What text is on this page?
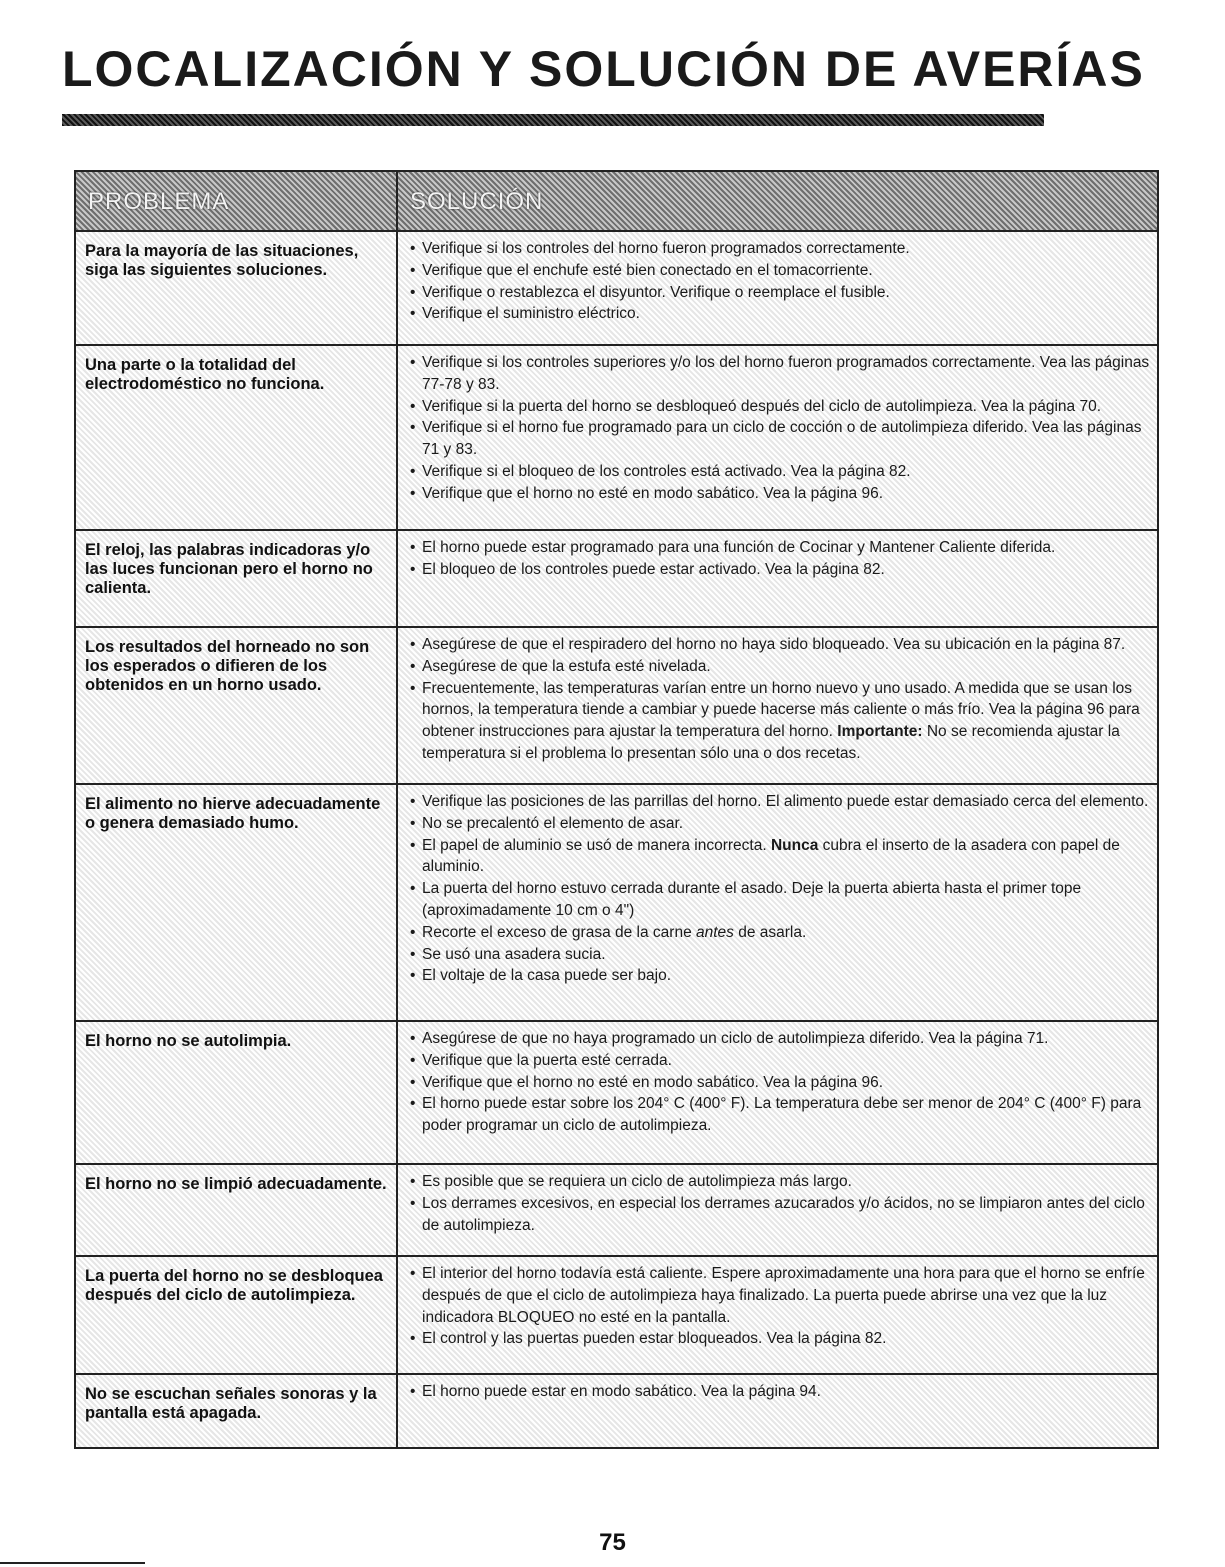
LOCALIZACIÓN Y SOLUCIÓN DE AVERÍAS
PROBLEMA	SOLUCIÓN
Para la mayoría de las situaciones, siga las siguientes soluciones.
• Verifique si los controles del horno fueron programados correctamente.
• Verifique que el enchufe esté bien conectado en el tomacorriente.
• Verifique o restablezca el disyuntor. Verifique o reemplace el fusible.
• Verifique el suministro eléctrico.
Una parte o la totalidad del electrodoméstico no funciona.
• Verifique si los controles superiores y/o los del horno fueron programados correctamente. Vea las páginas 77-78 y 83.
• Verifique si la puerta del horno se desbloqueó después del ciclo de autolimpieza. Vea la página 70.
• Verifique si el horno fue programado para un ciclo de cocción o de autolimpieza diferido. Vea las páginas 71 y 83.
• Verifique si el bloqueo de los controles está activado. Vea la página 82.
• Verifique que el horno no esté en modo sabático. Vea la página 96.
El reloj, las palabras indicadoras y/o las luces funcionan pero el horno no calienta.
• El horno puede estar programado para una función de Cocinar y Mantener Caliente diferida.
• El bloqueo de los controles puede estar activado. Vea la página 82.
Los resultados del horneado no son los esperados o difieren de los obtenidos en un horno usado.
• Asegúrese de que el respiradero del horno no haya sido bloqueado. Vea su ubicación en la página 87.
• Asegúrese de que la estufa esté nivelada.
• Frecuentemente, las temperaturas varían entre un horno nuevo y uno usado. A medida que se usan los hornos, la temperatura tiende a cambiar y puede hacerse más caliente o más frío. Vea la página 96 para obtener instrucciones para ajustar la temperatura del horno. Importante: No se recomienda ajustar la temperatura si el problema lo presentan sólo una o dos recetas.
El alimento no hierve adecuadamente o genera demasiado humo.
• Verifique las posiciones de las parrillas del horno. El alimento puede estar demasiado cerca del elemento.
• No se precalentó el elemento de asar.
• El papel de aluminio se usó de manera incorrecta. Nunca cubra el inserto de la asadera con papel de aluminio.
• La puerta del horno estuvo cerrada durante el asado. Deje la puerta abierta hasta el primer tope (aproximadamente 10 cm o 4")
• Recorte el exceso de grasa de la carne antes de asarla.
• Se usó una asadera sucia.
• El voltaje de la casa puede ser bajo.
El horno no se autolimpia.	• Asegúrese de que no haya programado un ciclo de autolimpieza diferido. Vea la página 71.
• Verifique que la puerta esté cerrada.
• Verifique que el horno no esté en modo sabático. Vea la página 96.
• El horno puede estar sobre los 204° C (400° F). La temperatura debe ser menor de 204° C (400° F) para poder programar un ciclo de autolimpieza.
El horno no se limpió adecuadamente.	• Es posible que se requiera un ciclo de autolimpieza más largo.
• Los derrames excesivos, en especial los derrames azucarados y/o ácidos, no se limpiaron antes del ciclo de autolimpieza.
La puerta del horno no se desbloquea después del ciclo de autolimpieza.
• El interior del horno todavía está caliente. Espere aproximadamente una hora para que el horno se enfríe después de que el ciclo de autolimpieza haya finalizado. La puerta puede abrirse una vez que la luz indicadora BLOQUEO no esté en la pantalla.
• El control y las puertas pueden estar bloqueados. Vea la página 82.
No se escuchan señales sonoras y la pantalla está apagada.
• El horno puede estar en modo sabático. Vea la página 94.
75
